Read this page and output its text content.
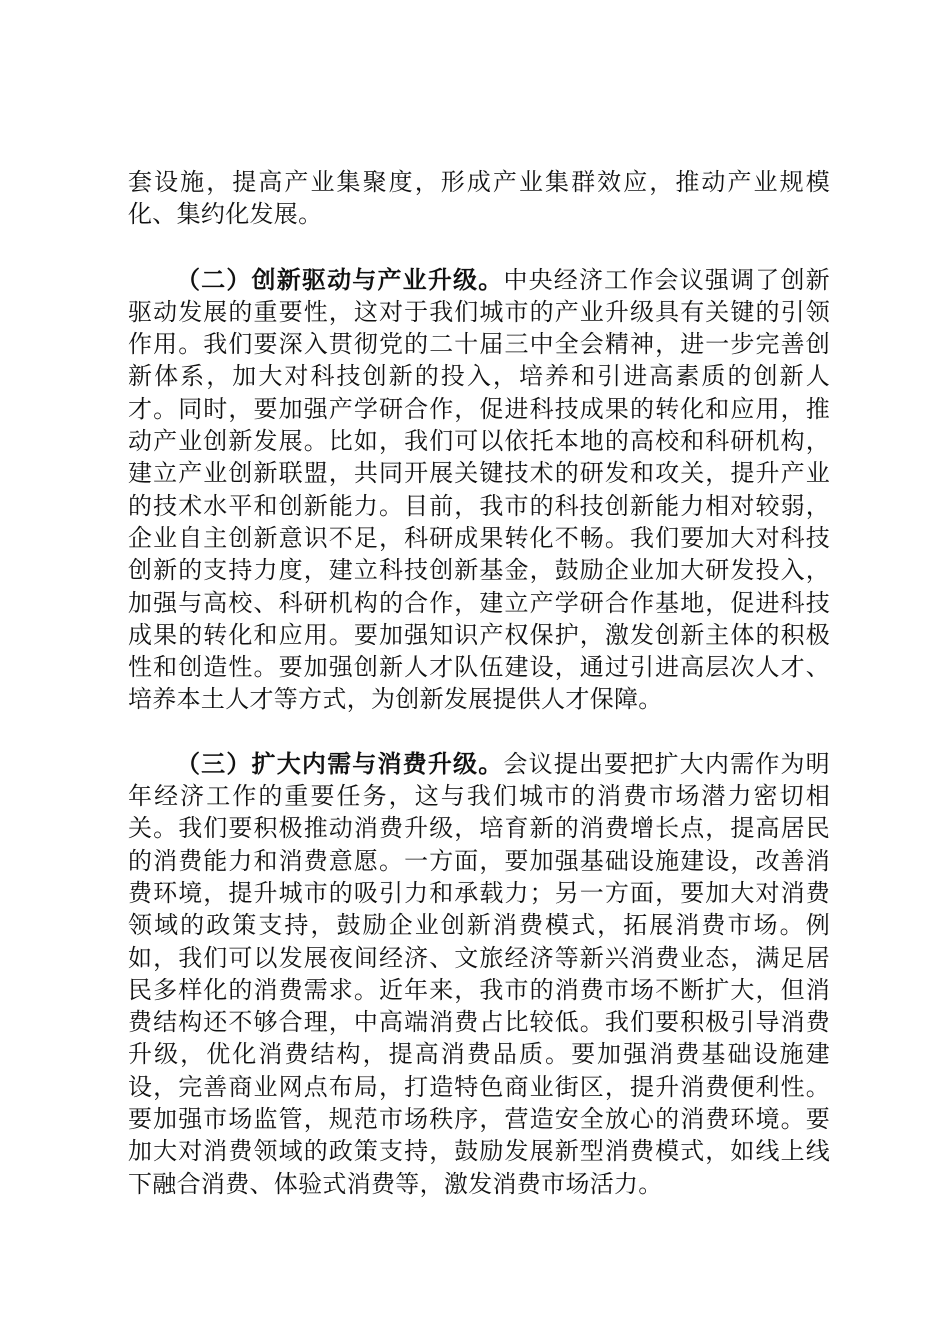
套设施，提高产业集聚度，形成产业集群效应，推动产业规模化、集约化发展。

（二）创新驱动与产业升级。中央经济工作会议强调了创新驱动发展的重要性，这对于我们城市的产业升级具有关键的引领作用。我们要深入贯彻党的二十届三中全会精神，进一步完善创新体系，加大对科技创新的投入，培养和引进高素质的创新人才。同时，要加强产学研合作，促进科技成果的转化和应用，推动产业创新发展。比如，我们可以依托本地的高校和科研机构，建立产业创新联盟，共同开展关键技术的研发和攻关，提升产业的技术水平和创新能力。目前，我市的科技创新能力相对较弱，企业自主创新意识不足，科研成果转化不畅。我们要加大对科技创新的支持力度，建立科技创新基金，鼓励企业加大研发投入，加强与高校、科研机构的合作，建立产学研合作基地，促进科技成果的转化和应用。要加强知识产权保护，激发创新主体的积极性和创造性。要加强创新人才队伍建设，通过引进高层次人才、培养本土人才等方式，为创新发展提供人才保障。

（三）扩大内需与消费升级。会议提出要把扩大内需作为明年经济工作的重要任务，这与我们城市的消费市场潜力密切相关。我们要积极推动消费升级，培育新的消费增长点，提高居民的消费能力和消费意愿。一方面，要加强基础设施建设，改善消费环境，提升城市的吸引力和承载力；另一方面，要加大对消费领域的政策支持，鼓励企业创新消费模式，拓展消费市场。例如，我们可以发展夜间经济、文旅经济等新兴消费业态，满足居民多样化的消费需求。近年来，我市的消费市场不断扩大，但消费结构还不够合理，中高端消费占比较低。我们要积极引导消费升级，优化消费结构，提高消费品质。要加强消费基础设施建设，完善商业网点布局，打造特色商业街区，提升消费便利性。要加强市场监管，规范市场秩序，营造安全放心的消费环境。要加大对消费领域的政策支持，鼓励发展新型消费模式，如线上线下融合消费、体验式消费等，激发消费市场活力。
